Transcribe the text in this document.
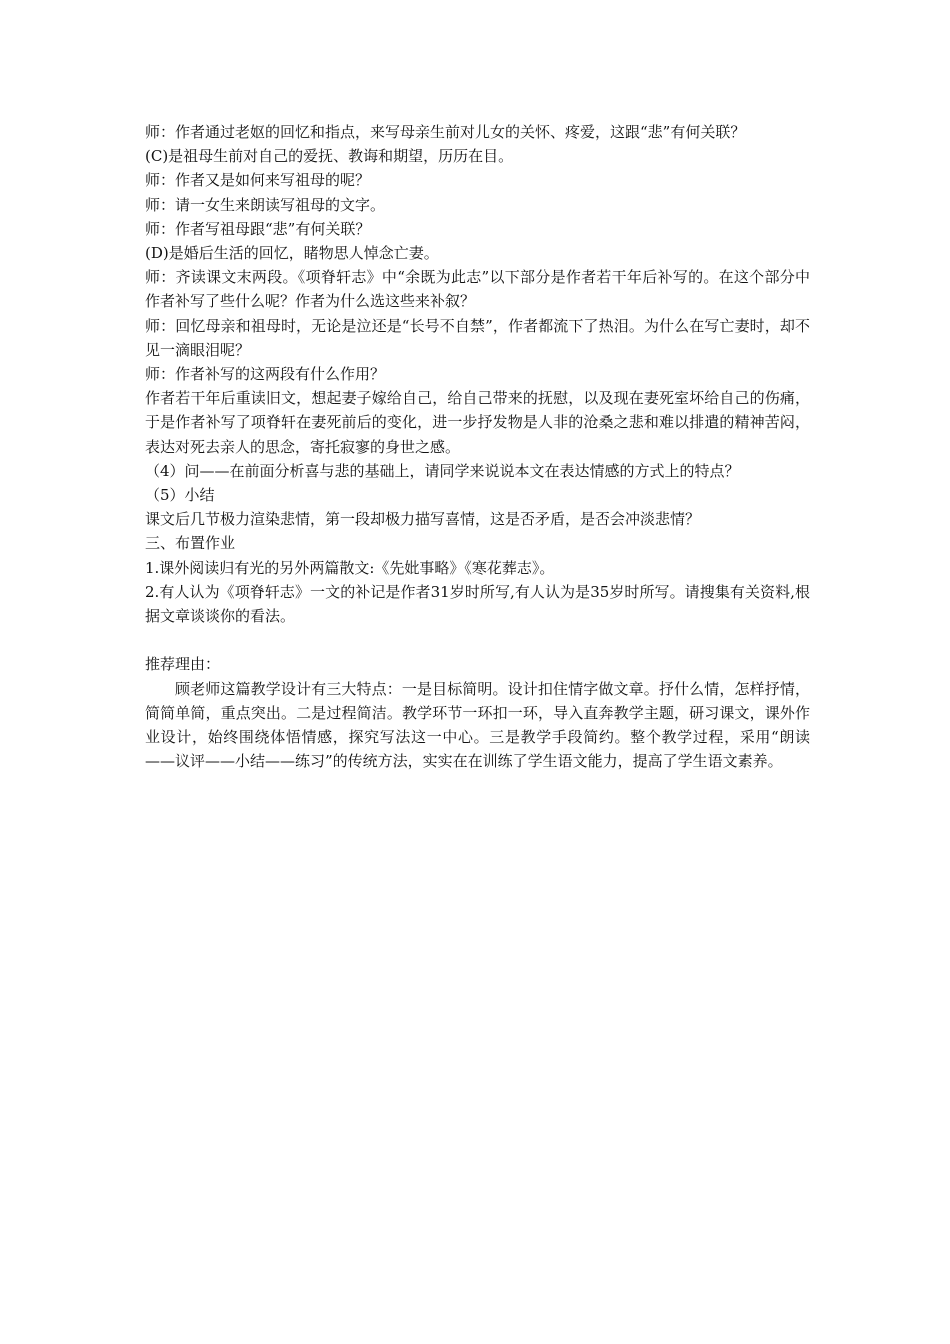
师：作者通过老妪的回忆和指点，来写母亲生前对儿女的关怀、疼爱，这跟“悲”有何关联？

(C)是祖母生前对自己的爱抚、教诲和期望，历历在目。

师：作者又是如何来写祖母的呢？

师：请一女生来朗读写祖母的文字。

师：作者写祖母跟“悲”有何关联？

(D)是婚后生活的回忆，睹物思人悼念亡妻。

师：齐读课文末两段。《项脊轩志》中“余既为此志”以下部分是作者若干年后补写的。在这个部分中作者补写了些什么呢？作者为什么选这些来补叙？

师：回忆母亲和祖母时，无论是泣还是“长号不自禁”，作者都流下了热泪。为什么在写亡妻时，却不见一滴眼泪呢？

师：作者补写的这两段有什么作用？

作者若干年后重读旧文，想起妻子嫁给自己，给自己带来的抚慰，以及现在妻死室坏给自己的伤痛，于是作者补写了项脊轩在妻死前后的变化，进一步抒发物是人非的沧桑之悲和难以排遣的精神苦闷，表达对死去亲人的思念，寄托寂寥的身世之感。

（4）问——在前面分析喜与悲的基础上，请同学来说说本文在表达情感的方式上的特点？

（5）小结

课文后几节极力渲染悲情，第一段却极力描写喜情，这是否矛盾，是否会冲淡悲情？

三、布置作业

1.课外阅读归有光的另外两篇散文:《先妣事略》《寒花葬志》。

2.有人认为《项脊轩志》一文的补记是作者31岁时所写,有人认为是35岁时所写。请搜集有关资料,根据文章谈谈你的看法。

推荐理由：

顾老师这篇教学设计有三大特点：一是目标简明。设计扣住情字做文章。抒什么情，怎样抒情，简简单简，重点突出。二是过程简洁。教学环节一环扣一环，导入直奔教学主题，研习课文，课外作业设计，始终围绕体悟情感，探究写法这一中心。三是教学手段简约。整个教学过程，采用“朗读——议评——小结——练习”的传统方法，实实在在训练了学生语文能力，提高了学生语文素养。
